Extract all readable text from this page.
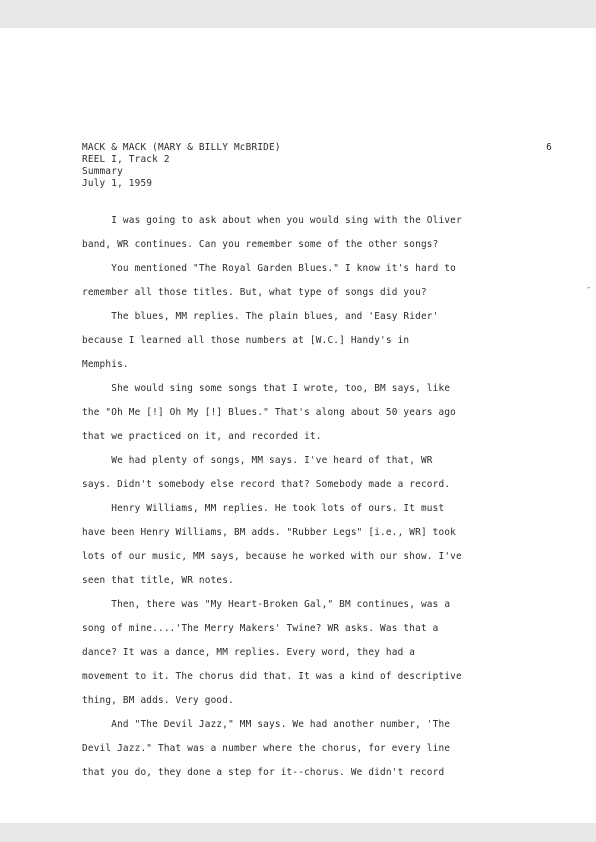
MACK & MACK (MARY & BILLY McBRIDE)	6
REEL I, Track 2
Summary
July 1, 1959
I was going to ask about when you would sing with the Oliver
band, WR continues. Can you remember some of the other songs?
You mentioned "The Royal Garden Blues." I know it's hard to
remember all those titles. But, what type of songs did you?
The blues, MM replies. The plain blues, and 'Easy Rider'
because I learned all those numbers at [W.C.] Handy's in
Memphis.
She would sing some songs that I wrote, too, BM says, like
the "Oh Me [!] Oh My [!] Blues." That's along about 50 years ago
that we practiced on it, and recorded it.
We had plenty of songs, MM says. I've heard of that, WR
says. Didn't somebody else record that? Somebody made a record.
Henry Williams, MM replies. He took lots of ours. It must
have been Henry Williams, BM adds. "Rubber Legs" [i.e., WR] took
lots of our music, MM says, because he worked with our show. I've
seen that title, WR notes.
Then, there was "My Heart-Broken Gal," BM continues, was a
song of mine....'The Merry Makers' Twine? WR asks. Was that a
dance? It was a dance, MM replies. Every word, they had a
movement to it. The chorus did that. It was a kind of descriptive
thing, BM adds. Very good.
And "The Devil Jazz," MM says. We had another number, 'The
Devil Jazz." That was a number where the chorus, for every line
that you do, they done a step for it--chorus. We didn't record
-
